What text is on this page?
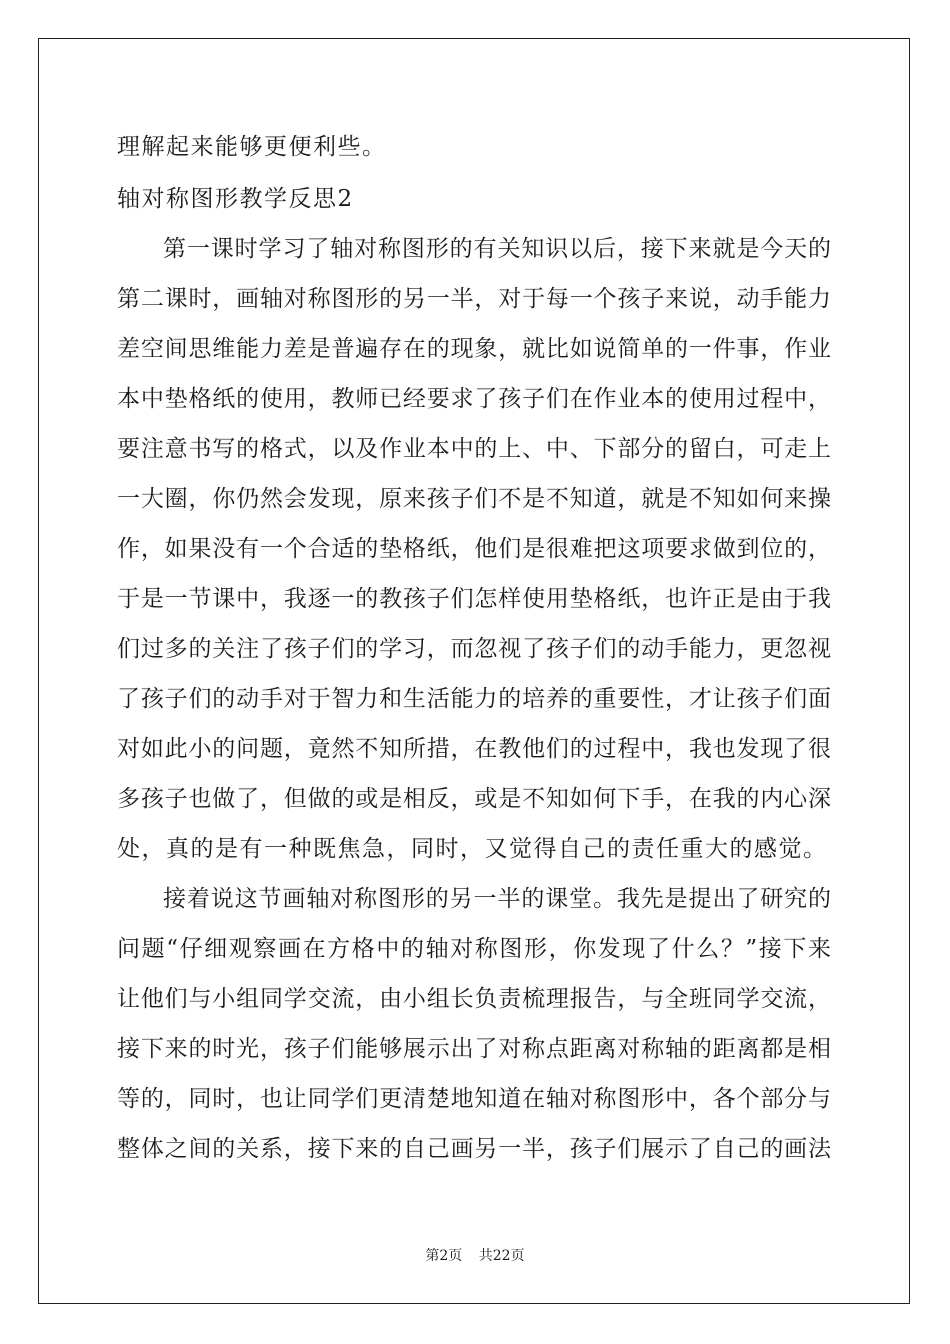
理解起来能够更便利些。
轴对称图形教学反思2
第一课时学习了轴对称图形的有关知识以后，接下来就是今天的
第二课时，画轴对称图形的另一半，对于每一个孩子来说，动手能力
差空间思维能力差是普遍存在的现象，就比如说简单的一件事，作业
本中垫格纸的使用，教师已经要求了孩子们在作业本的使用过程中，
要注意书写的格式，以及作业本中的上、中、下部分的留白，可走上
一大圈，你仍然会发现，原来孩子们不是不知道，就是不知如何来操
作，如果没有一个合适的垫格纸，他们是很难把这项要求做到位的，
于是一节课中，我逐一的教孩子们怎样使用垫格纸，也许正是由于我
们过多的关注了孩子们的学习，而忽视了孩子们的动手能力，更忽视
了孩子们的动手对于智力和生活能力的培养的重要性，才让孩子们面
对如此小的问题，竟然不知所措，在教他们的过程中，我也发现了很
多孩子也做了，但做的或是相反，或是不知如何下手，在我的内心深
处，真的是有一种既焦急，同时，又觉得自己的责任重大的感觉。
接着说这节画轴对称图形的另一半的课堂。我先是提出了研究的
问题“仔细观察画在方格中的轴对称图形，你发现了什么？”接下来
让他们与小组同学交流，由小组长负责梳理报告，与全班同学交流，
接下来的时光，孩子们能够展示出了对称点距离对称轴的距离都是相
等的，同时，也让同学们更清楚地知道在轴对称图形中，各个部分与
整体之间的关系，接下来的自己画另一半，孩子们展示了自己的画法
第2页 共22页
